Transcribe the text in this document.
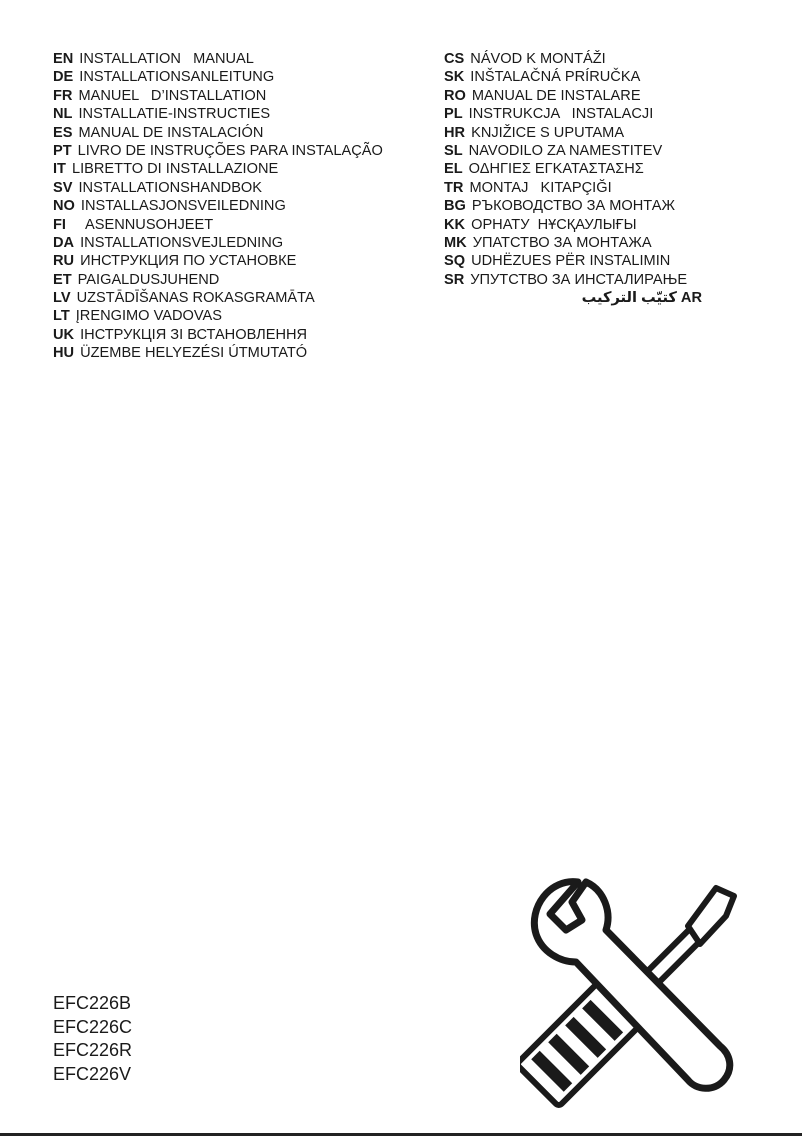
EN INSTALLATION   MANUAL
DE INSTALLATIONSANLEITUNG
FR MANUEL   D’INSTALLATION
NL INSTALLATIE-INSTRUCTIES
ES MANUAL DE INSTALACIÓN
PT LIVRO DE INSTRUÇÕES PARA INSTALAÇÃO
IT LIBRETTO DI INSTALLAZIONE
SV INSTALLATIONSHANDBOK
NO INSTALLASJONSVEILEDNING
FI ASENNUSOHJEET
DA INSTALLATIONSVEJLEDNING
RU ИНСТРУКЦИЯ ПО УСТАНОВКЕ
ET PAIGALDUSJUHEND
LV UZSTĀDĪŠANAS ROKASGRAMĀTA
LT ĮRENGIMO VADOVAS
UK ІНСТРУКЦІЯ ЗІ ВСТАНОВЛЕННЯ
HU ÜZEMBE HELYEZÉSI ÚTMUTATÓ
CS NÁVOD K MONTÁŽI
SK INŠTALAČNÁ PRÍRUČKA
RO MANUAL DE INSTALARE
PL INSTRUKCJA   INSTALACJI
HR KNJIŽICE S UPUTAMA
SL NAVODILO ZA NAMESTITEV
EL ΟΔΗΓΙΕΣ ΕΓΚΑΤΑΣΤΑΣΗΣ
TR MONTAJ   KITAPÇIĞI
BG РЪКОВОДСТВО ЗА МОНТАЖ
KK ОРНАТУ  НҰСҚАУЛЫҒЫ
MK УПАТСТВО ЗА МОНТАЖА
SQ UDHËZUES PËR INSTALIMIN
SR УПУТСТВО ЗА ИНСТАЛИРАЊЕ
كتيّب التركيب AR
EFC226B
EFC226C
EFC226R
EFC226V
